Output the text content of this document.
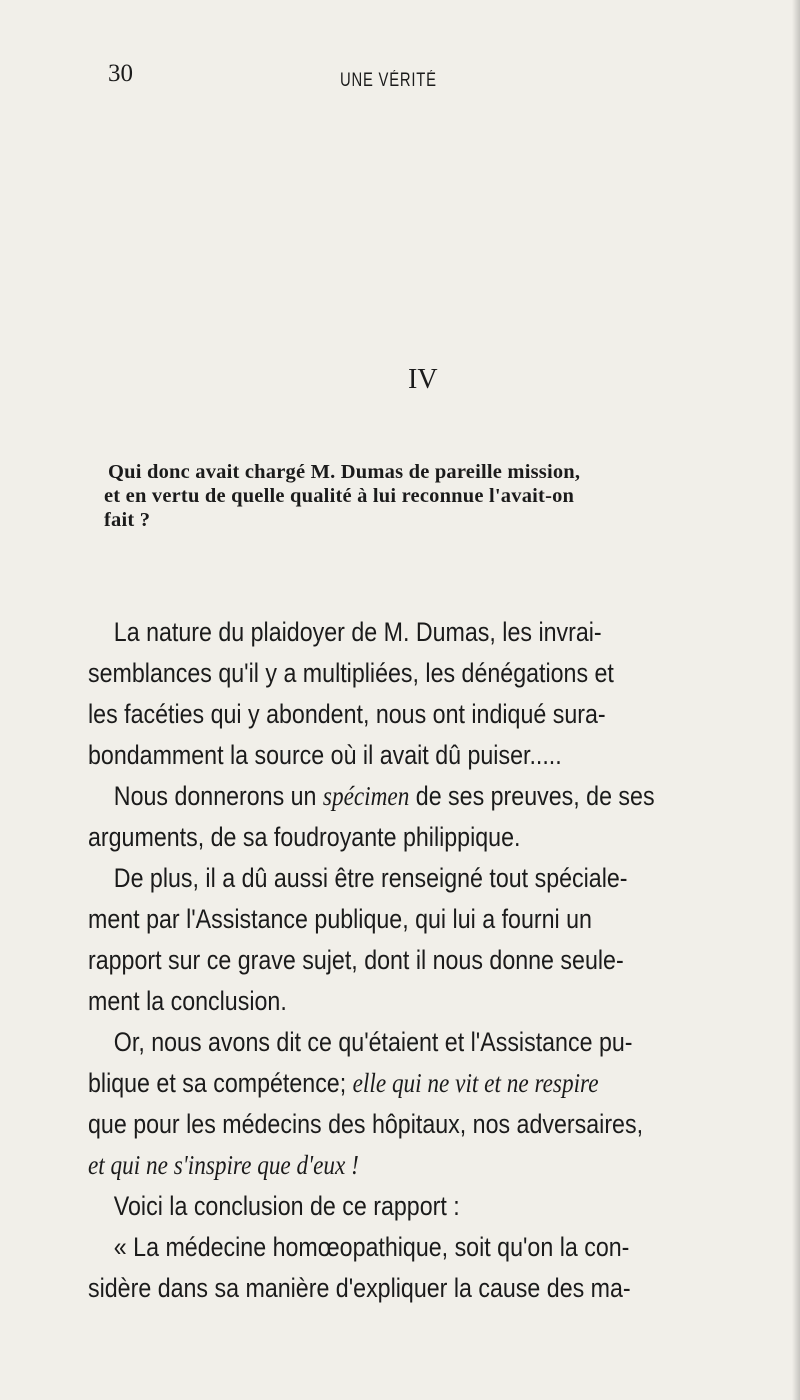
30	UNE VÉRITÉ
IV
Qui donc avait chargé M. Dumas de pareille mission,
et en vertu de quelle qualité à lui reconnue l'avait-on
fait ?
La nature du plaidoyer de M. Dumas, les invrai-
semblances qu'il y a multipliées, les dénégations et
les facéties qui y abondent, nous ont indiqué sura-
bondamment la source où il avait dû puiser.....
Nous donnerons un spécimen de ses preuves, de ses
arguments, de sa foudroyante philippique.
De plus, il a dû aussi être renseigné tout spéciale-
ment par l'Assistance publique, qui lui a fourni un
rapport sur ce grave sujet, dont il nous donne seule-
ment la conclusion.
Or, nous avons dit ce qu'étaient et l'Assistance pu-
blique et sa compétence; elle qui ne vit et ne respire
que pour les médecins des hôpitaux, nos adversaires,
et qui ne s'inspire que d'eux !
Voici la conclusion de ce rapport :
« La médecine homœopathique, soit qu'on la con-
sidère dans sa manière d'expliquer la cause des ma-
